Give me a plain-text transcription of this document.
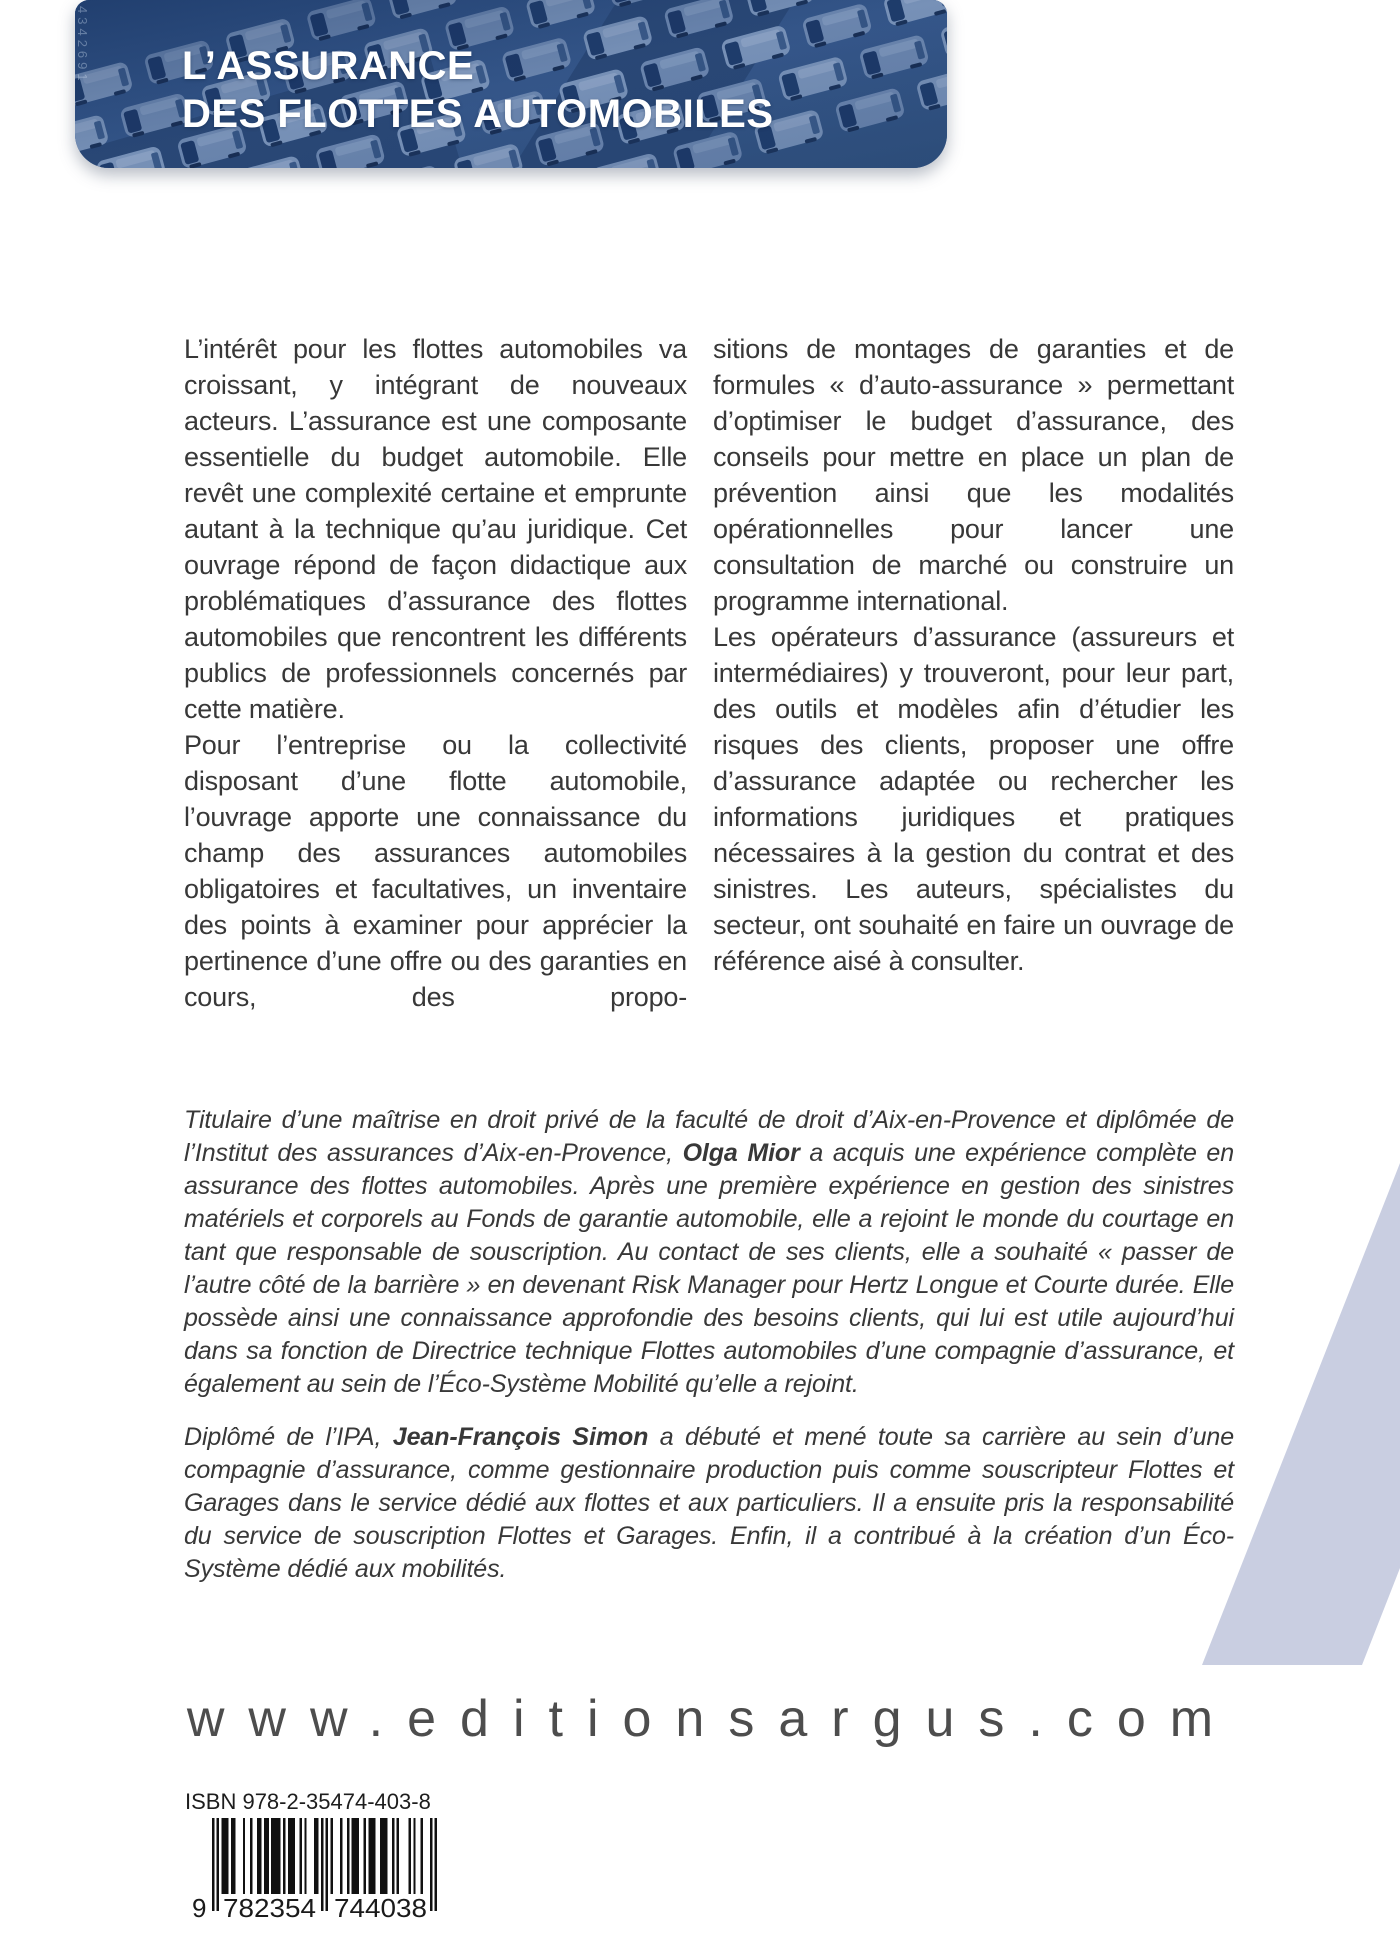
4342691 L’ASSURANCE
DES FLOTTES AUTOMOBILES

L’intérêt pour les flottes automobiles va croissant, y intégrant de nouveaux acteurs. L’assurance est une composante essentielle du budget automobile. Elle revêt une complexité certaine et emprunte autant à la technique qu’au juridique. Cet ouvrage répond de façon didactique aux problématiques d’assurance des flottes automobiles que rencontrent les différents publics de professionnels concernés par cette matière.

Pour l’entreprise ou la collectivité disposant d’une flotte automobile, l’ouvrage apporte une connaissance du champ des assurances automobiles obligatoires et facultatives, un inventaire des points à examiner pour apprécier la pertinence d’une offre ou des garanties en cours, des propo-

sitions de montages de garanties et de formules « d’auto-assurance » permettant d’optimiser le budget d’assurance, des conseils pour mettre en place un plan de prévention ainsi que les modalités opérationnelles pour lancer une consultation de marché ou construire un programme international.

Les opérateurs d’assurance (assureurs et intermédiaires) y trouveront, pour leur part, des outils et modèles afin d’étudier les risques des clients, proposer une offre d’assurance adaptée ou rechercher les informations juridiques et pratiques nécessaires à la gestion du contrat et des sinistres. Les auteurs, spécialistes du secteur, ont souhaité en faire un ouvrage de référence aisé à consulter.

Titulaire d’une maîtrise en droit privé de la faculté de droit d’Aix-en-Provence et diplômée de l’Institut des assurances d’Aix-en-Provence, Olga Mior a acquis une expérience complète en assurance des flottes automobiles. Après une première expérience en gestion des sinistres matériels et corporels au Fonds de garantie automobile, elle a rejoint le monde du courtage en tant que responsable de souscription. Au contact de ses clients, elle a souhaité « passer de l’autre côté de la barrière » en devenant Risk Manager pour Hertz Longue et Courte durée. Elle possède ainsi une connaissance approfondie des besoins clients, qui lui est utile aujourd’hui dans sa fonction de Directrice technique Flottes automobiles d’une compagnie d’assurance, et également au sein de l’Éco-Système Mobilité qu’elle a rejoint.

Diplômé de l’IPA, Jean-François Simon a débuté et mené toute sa carrière au sein d’une compagnie d’assurance, comme gestionnaire production puis comme souscripteur Flottes et Garages dans le service dédié aux flottes et aux particuliers. Il a ensuite pris la responsabilité du service de souscription Flottes et Garages. Enfin, il a contribué à la création d’un Éco-Système dédié aux mobilités.

www.editionsargus.com
ISBN 978-2-35474-403-8
9 782354 744038
